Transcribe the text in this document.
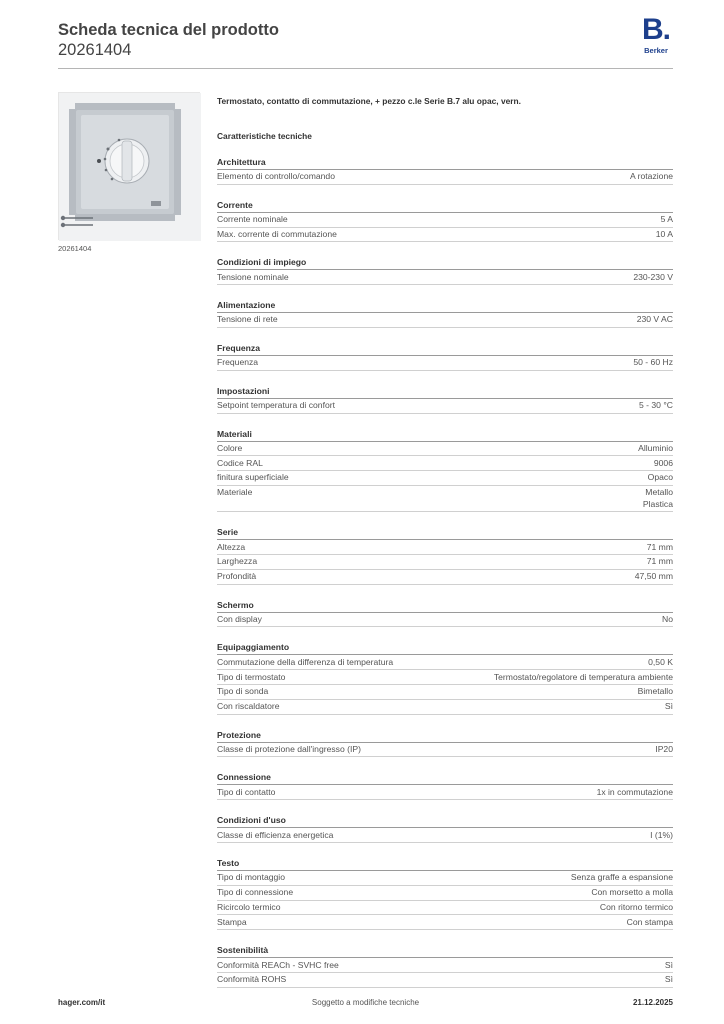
Scheda tecnica del prodotto
20261404
B.
Berker
20261404
Termostato, contatto di commutazione, + pezzo c.le Serie B.7 alu opac, vern.
Caratteristiche tecniche
Architettura
Elemento di controllo/comando	A rotazione
Corrente
Corrente nominale	5 A
Max. corrente di commutazione	10 A
Condizioni di impiego
Tensione nominale	230-230 V
Alimentazione
Tensione di rete	230 V AC
Frequenza
Frequenza	50 - 60 Hz
Impostazioni
Setpoint temperatura di confort	5 - 30 °C
Materiali
Colore	Alluminio
Codice RAL	9006
finitura superficiale	Opaco
Materiale	Metallo
Plastica
Serie
Altezza	71 mm
Larghezza	71 mm
Profondità	47,50 mm
Schermo
Con display	No
Equipaggiamento
Commutazione della differenza di temperatura	0,50 K
Tipo di termostato	Termostato/regolatore di temperatura ambiente
Tipo di sonda	Bimetallo
Con riscaldatore	Sì
Protezione
Classe di protezione dall'ingresso (IP)	IP20
Connessione
Tipo di contatto	1x in commutazione
Condizioni d'uso
Classe di efficienza energetica	I (1%)
Testo
Tipo di montaggio	Senza graffe a espansione
Tipo di connessione	Con morsetto a molla
Ricircolo termico	Con ritorno termico
Stampa	Con stampa
Sostenibilità
Conformità REACh - SVHC free	Sì
Conformità ROHS	Sì
Soggetto a modifiche tecniche
hager.com/it	21.12.2025
